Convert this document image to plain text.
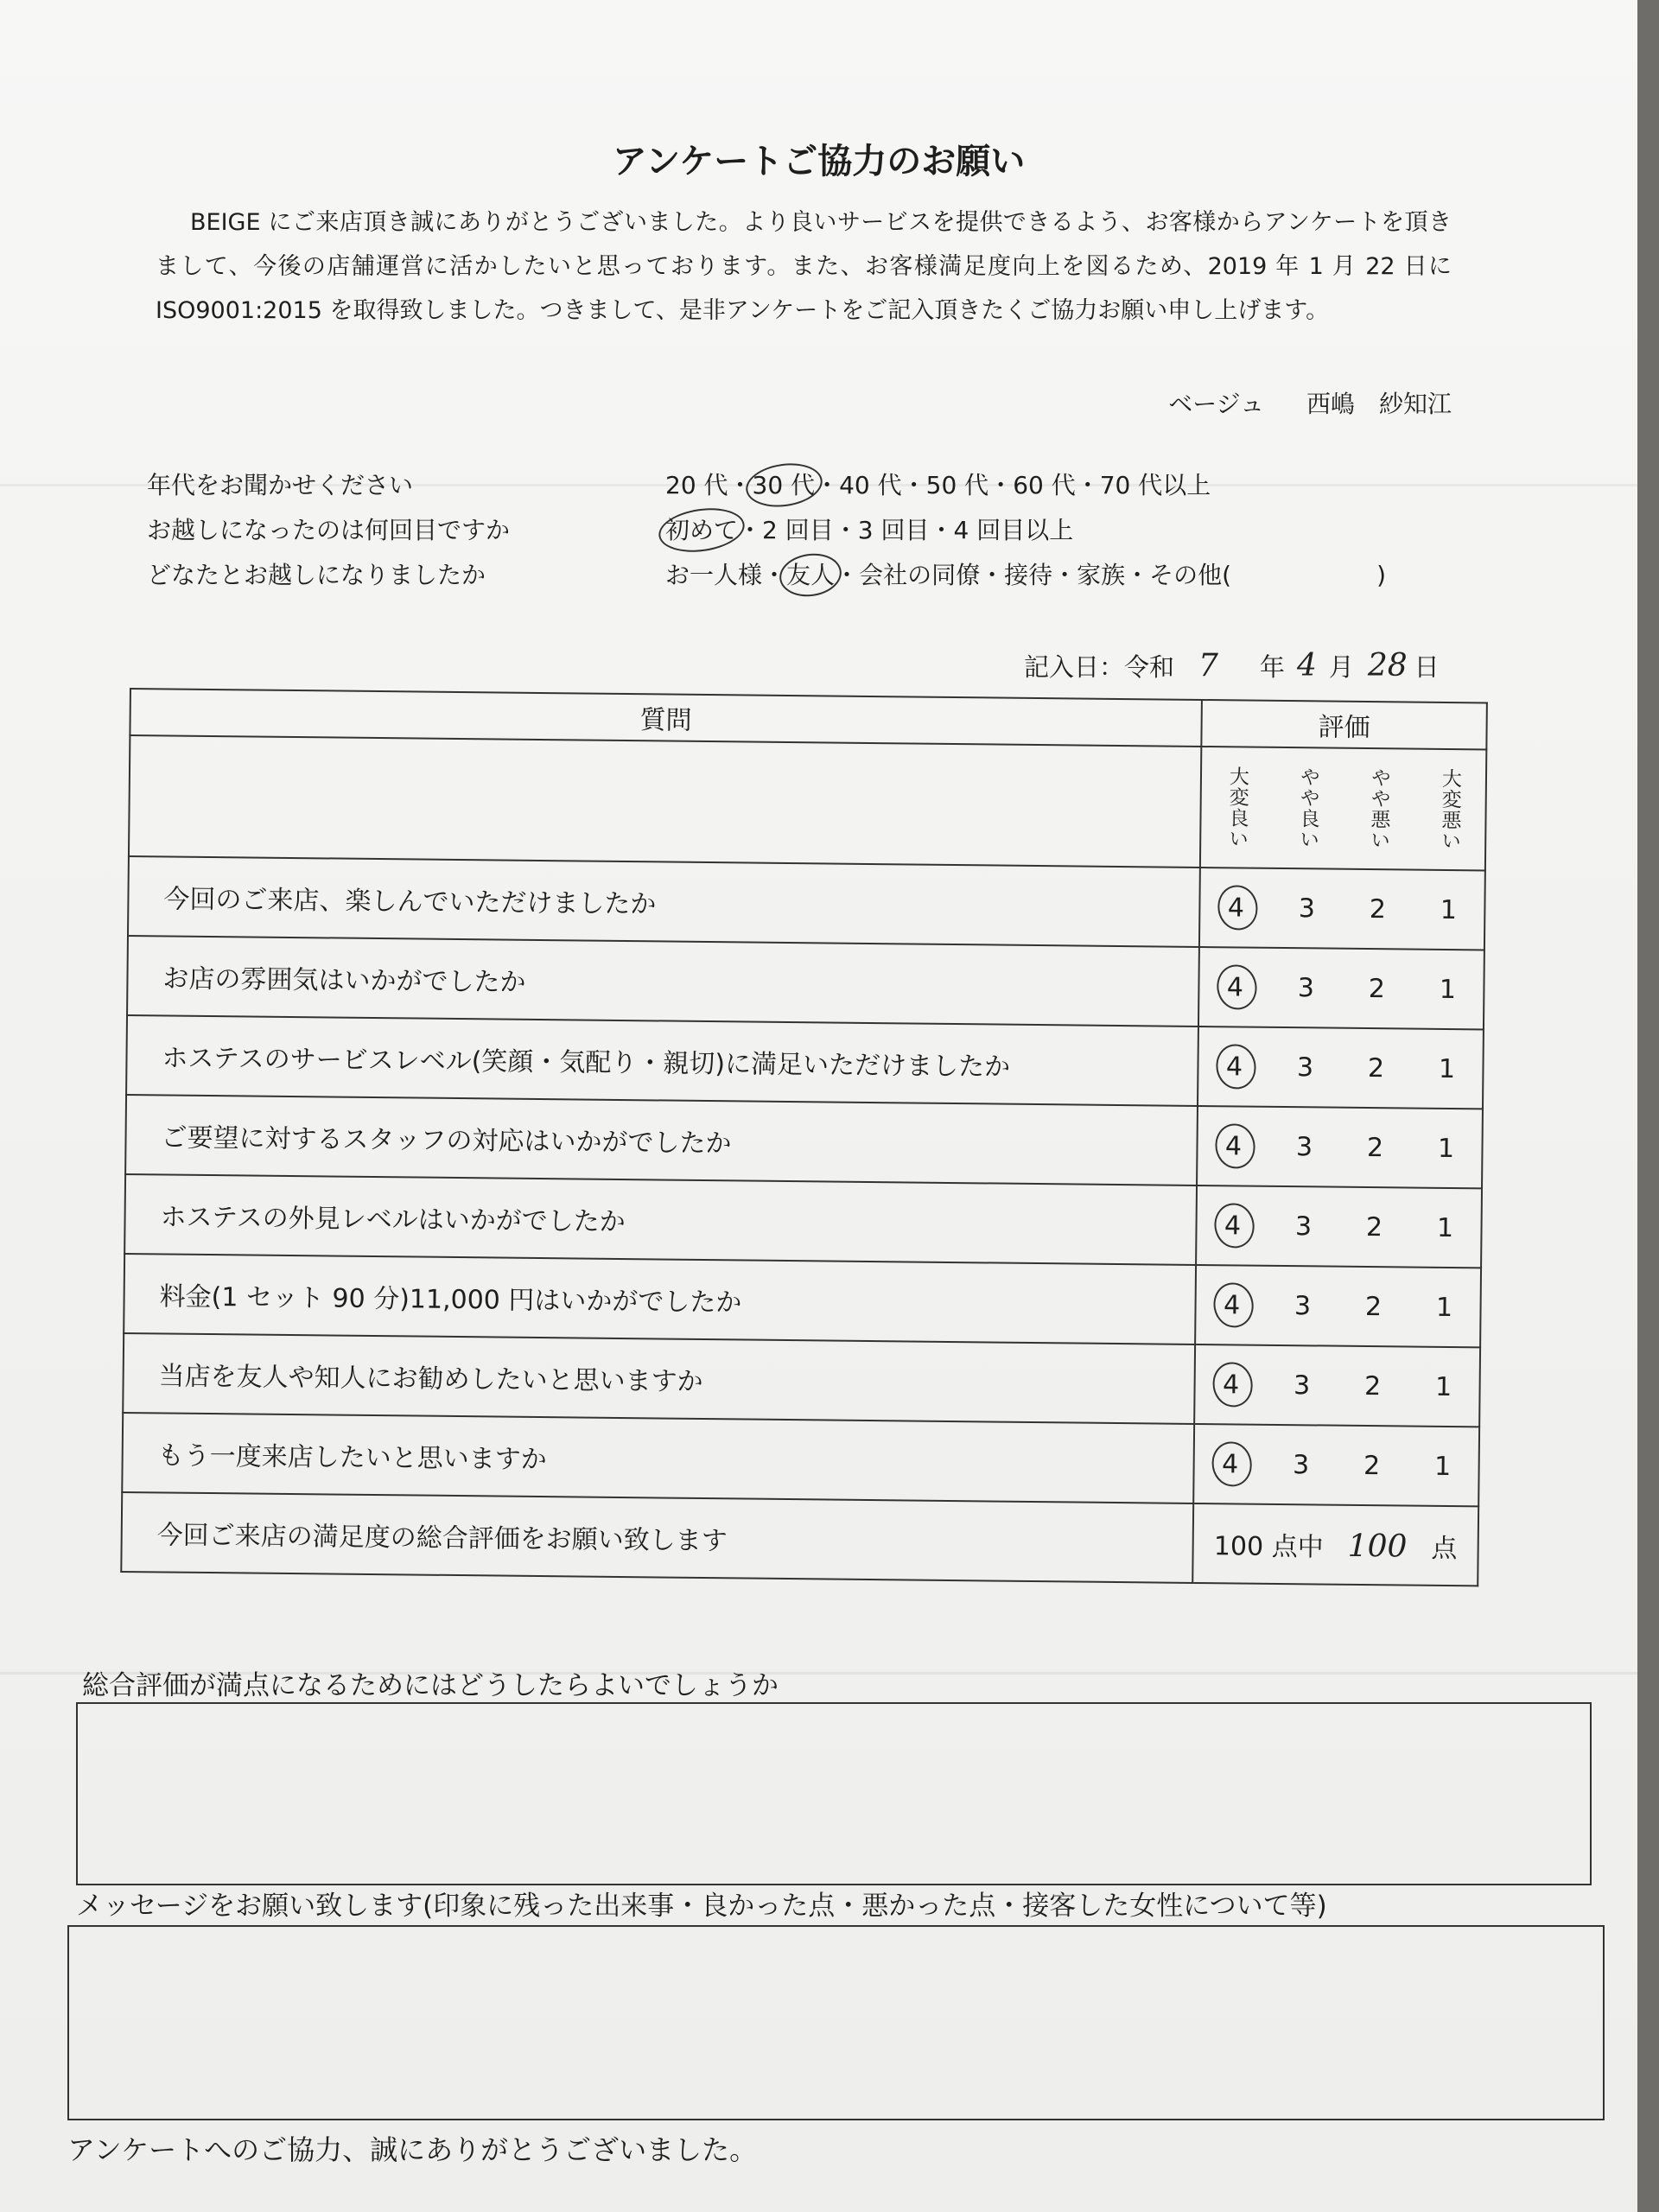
アンケートご協力のお願い
BEIGE にご来店頂き誠にありがとうございました。より良いサービスを提供できるよう、お客様からアンケートを頂きまして、今後の店舗運営に活かしたいと思っております。また、お客様満足度向上を図るため、2019 年 1 月 22 日に ISO9001:2015 を取得致しました。つきまして、是非アンケートをご記入頂きたくご協力お願い申し上げます。
ベージュ 西嶋　紗知江
年代をお聞かせください	20 代・30 代・40 代・50 代・60 代・70 代以上
お越しになったのは何回目ですか	初めて・2 回目・3 回目・4 回目以上
どなたとお越しになりましたか	お一人様・友人・会社の同僚・接待・家族・その他(　　　　　　)
記入日：令和 7 年 4 月 28 日
質問	評価

	大変良い やや良い やや悪い 大変悪い

今回のご来店、楽しんでいただけましたか	4 3 2 1

お店の雰囲気はいかがでしたか	4 3 2 1

ホステスのサービスレベル(笑顔・気配り・親切)に満足いただけましたか	4 3 2 1

ご要望に対するスタッフの対応はいかがでしたか	4 3 2 1

ホステスの外見レベルはいかがでしたか	4 3 2 1

料金(1 セット 90 分)11,000 円はいかがでしたか	4 3 2 1

当店を友人や知人にお勧めしたいと思いますか	4 3 2 1

もう一度来店したいと思いますか	4 3 2 1

今回ご来店の満足度の総合評価をお願い致します	100 点中 100 点
総合評価が満点になるためにはどうしたらよいでしょうか
メッセージをお願い致します(印象に残った出来事・良かった点・悪かった点・接客した女性について等)
アンケートへのご協力、誠にありがとうございました。
